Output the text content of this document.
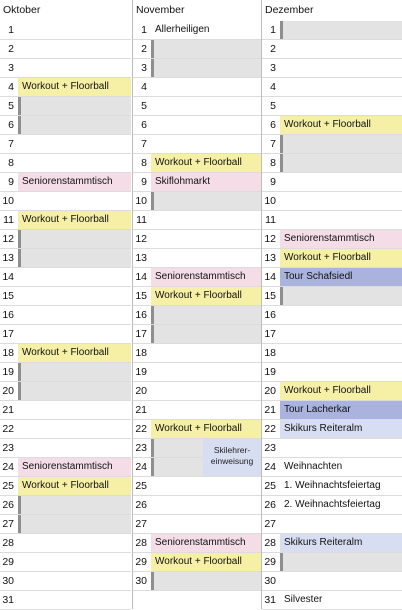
Oktober
1
2
3
4 Workout + Floorball
5
6
7
8
9 Seniorenstammtisch
10
11 Workout + Floorball
12
13
14
15
16
17
18 Workout + Floorball
19
20
21
22
23
24 Seniorenstammtisch
25 Workout + Floorball
26
27
28
29
30
31
November
1 Allerheiligen
2
3
4
5
6
7
8 Workout + Floorball
9 Skiflohmarkt
10
11
12
13
14 Seniorenstammtisch
15 Workout + Floorball
16
17
18
19
20
21
22 Workout + Floorball
23
24
25
26
27
28 Seniorenstammtisch
29 Workout + Floorball
30
Skilehrer-
einweisung
Dezember
1
2
3
4
5
6 Workout + Floorball
7
8
9
10
11
12 Seniorenstammtisch
13 Workout + Floorball
14 Tour Schafsiedl
15
16
17
18
19
20 Workout + Floorball
21 Tour Lacherkar
22 Skikurs Reiteralm
23
24 Weihnachten
25 1. Weihnachtsfeiertag
26 2. Weihnachtsfeiertag
27
28 Skikurs Reiteralm
29
30
31 Silvester
